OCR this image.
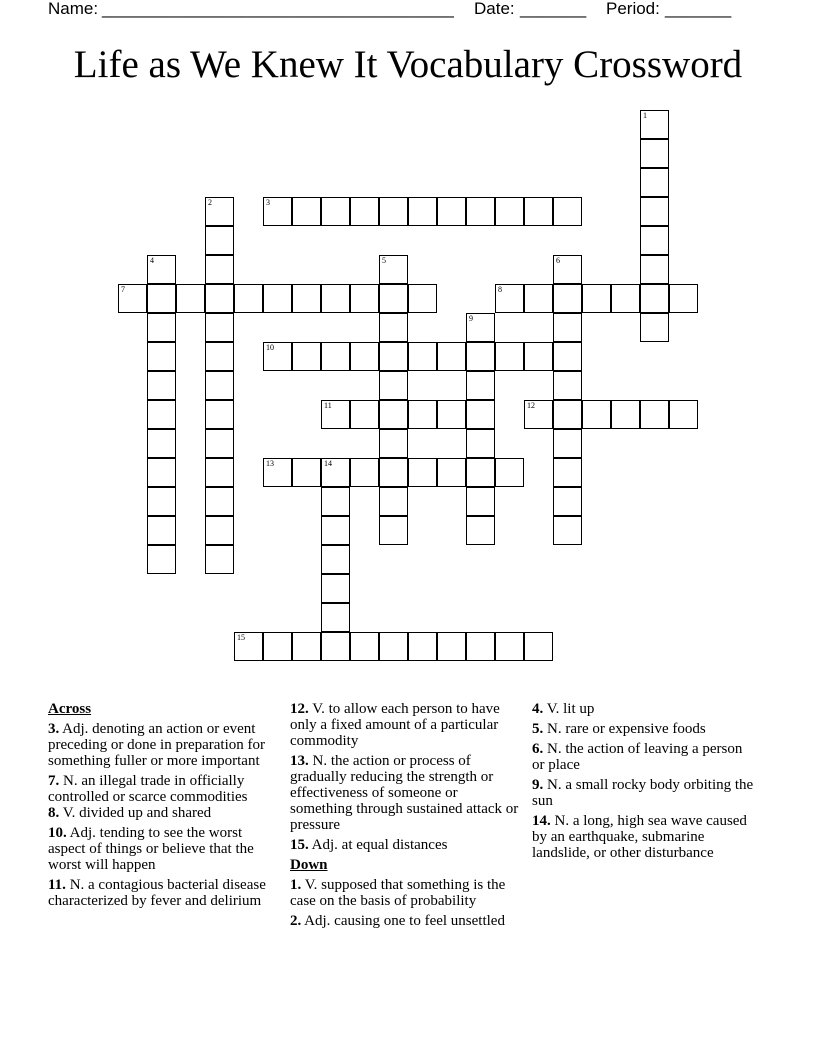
Name:

______________________________________

Date:

_______

Period:

_______

Life as We Knew It Vocabulary Crossword
1
2	3
4	5	6
7	8
9
10
11	12
13	14
15
Across
3. Adj. denoting an action or event preceding or done in preparation for something fuller or more important
7. N. an illegal trade in officially controlled or scarce commodities
8. V. divided up and shared
10. Adj. tending to see the worst aspect of things or believe that the worst will happen
11. N. a contagious bacterial disease characterized by fever and delirium
12. V. to allow each person to have only a fixed amount of a particular commodity
13. N. the action or process of gradually reducing the strength or effectiveness of someone or something through sustained attack or pressure
15. Adj. at equal distances
Down
1. V. supposed that something is the case on the basis of probability
2. Adj. causing one to feel unsettled
4. V. lit up
5. N. rare or expensive foods
6. N. the action of leaving a person or place
9. N. a small rocky body orbiting the sun
14. N. a long, high sea wave caused by an earthquake, submarine landslide, or other disturbance
